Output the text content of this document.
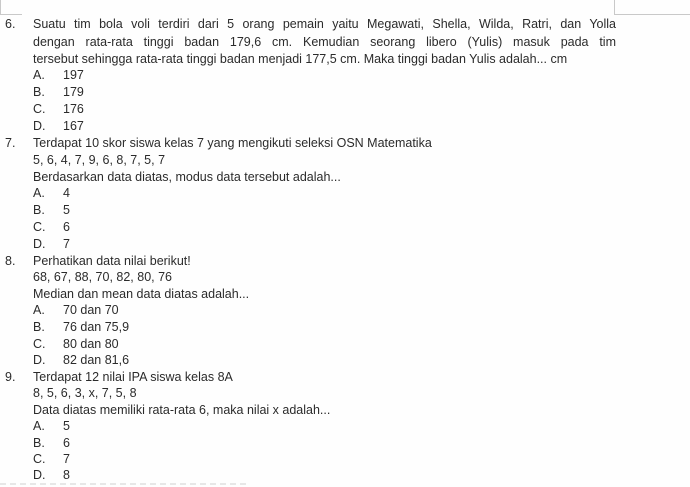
6.	Suatu tim bola voli terdiri dari 5 orang pemain yaitu Megawati, Shella, Wilda, Ratri, dan Yolla
dengan rata-rata tinggi badan 179,6 cm. Kemudian seorang libero (Yulis) masuk pada tim
tersebut sehingga rata-rata tinggi badan menjadi 177,5 cm. Maka tinggi badan Yulis adalah... cm
A. 197
B. 179
C. 176
D. 167
7.	Terdapat 10 skor siswa kelas 7 yang mengikuti seleksi OSN Matematika
5, 6, 4, 7, 9, 6, 8, 7, 5, 7
Berdasarkan data diatas, modus data tersebut adalah...
A. 4
B. 5
C. 6
D. 7
8.	Perhatikan data nilai berikut!
68, 67, 88, 70, 82, 80, 76
Median dan mean data diatas adalah...
A. 70 dan 70
B. 76 dan 75,9
C. 80 dan 80
D. 82 dan 81,6
9.	Terdapat 12 nilai IPA siswa kelas 8A
8, 5, 6, 3, x, 7, 5, 8
Data diatas memiliki rata-rata 6, maka nilai x adalah...
A. 5
B. 6
C. 7
D. 8
